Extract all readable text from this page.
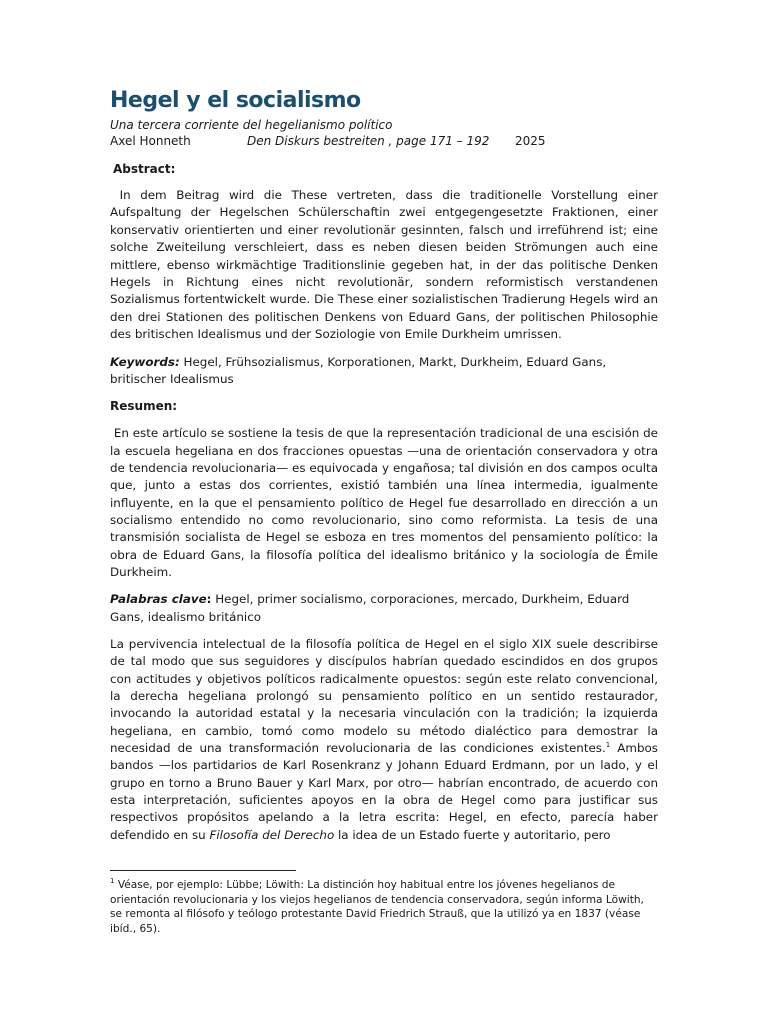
Hegel y el socialismo
Una tercera corriente del hegelianismo político
Axel Honneth	Den Diskurs bestreiten , page 171 – 192	2025
Abstract:

In dem Beitrag wird die These vertreten, dass die traditionelle Vorstellung einer Aufspaltung der Hegelschen Schülerschaftin zwei entgegengesetzte Fraktionen, einer konservativ orientierten und einer revolutionär gesinnten, falsch und irreführend ist; eine solche Zweiteilung verschleiert, dass es neben diesen beiden Strömungen auch eine mittlere, ebenso wirkmächtige Traditionslinie gegeben hat, in der das politische Denken Hegels in Richtung eines nicht revolutionär, sondern reformistisch verstandenen Sozialismus fortentwickelt wurde. Die These einer sozialistischen Tradierung Hegels wird an den drei Stationen des politischen Denkens von Eduard Gans, der politischen Philosophie des britischen Idealismus und der Soziologie von Emile Durkheim umrissen.

Keywords: Hegel, Frühsozialismus, Korporationen, Markt, Durkheim, Eduard Gans, britischer Idealismus

Resumen:

En este artículo se sostiene la tesis de que la representación tradicional de una escisión de la escuela hegeliana en dos fracciones opuestas —una de orientación conservadora y otra de tendencia revolucionaria— es equivocada y engañosa; tal división en dos campos oculta que, junto a estas dos corrientes, existió también una línea intermedia, igualmente influyente, en la que el pensamiento político de Hegel fue desarrollado en dirección a un socialismo entendido no como revolucionario, sino como reformista. La tesis de una transmisión socialista de Hegel se esboza en tres momentos del pensamiento político: la obra de Eduard Gans, la filosofía política del idealismo británico y la sociología de Émile Durkheim.

Palabras clave: Hegel, primer socialismo, corporaciones, mercado, Durkheim, Eduard Gans, idealismo británico

La pervivencia intelectual de la filosofía política de Hegel en el siglo XIX suele describirse de tal modo que sus seguidores y discípulos habrían quedado escindidos en dos grupos con actitudes y objetivos políticos radicalmente opuestos: según este relato convencional, la derecha hegeliana prolongó su pensamiento político en un sentido restaurador, invocando la autoridad estatal y la necesaria vinculación con la tradición; la izquierda hegeliana, en cambio, tomó como modelo su método dialéctico para demostrar la necesidad de una transformación revolucionaria de las condiciones existentes.$^1$ Ambos bandos —los partidarios de Karl Rosenkranz y Johann Eduard Erdmann, por un lado, y el grupo en torno a Bruno Bauer y Karl Marx, por otro— habrían encontrado, de acuerdo con esta interpretación, suficientes apoyos en la obra de Hegel como para justificar sus respectivos propósitos apelando a la letra escrita: Hegel, en efecto, parecía haber defendido en su Filosofía del Derecho la idea de un Estado fuerte y autoritario, pero

$^1$ Véase, por ejemplo: Lübbe; Löwith: La distinción hoy habitual entre los jóvenes hegelianos de orientación revolucionaria y los viejos hegelianos de tendencia conservadora, según informa Löwith, se remonta al filósofo y teólogo protestante David Friedrich Strauß, que la utilizó ya en 1837 (véase ibíd., 65).
